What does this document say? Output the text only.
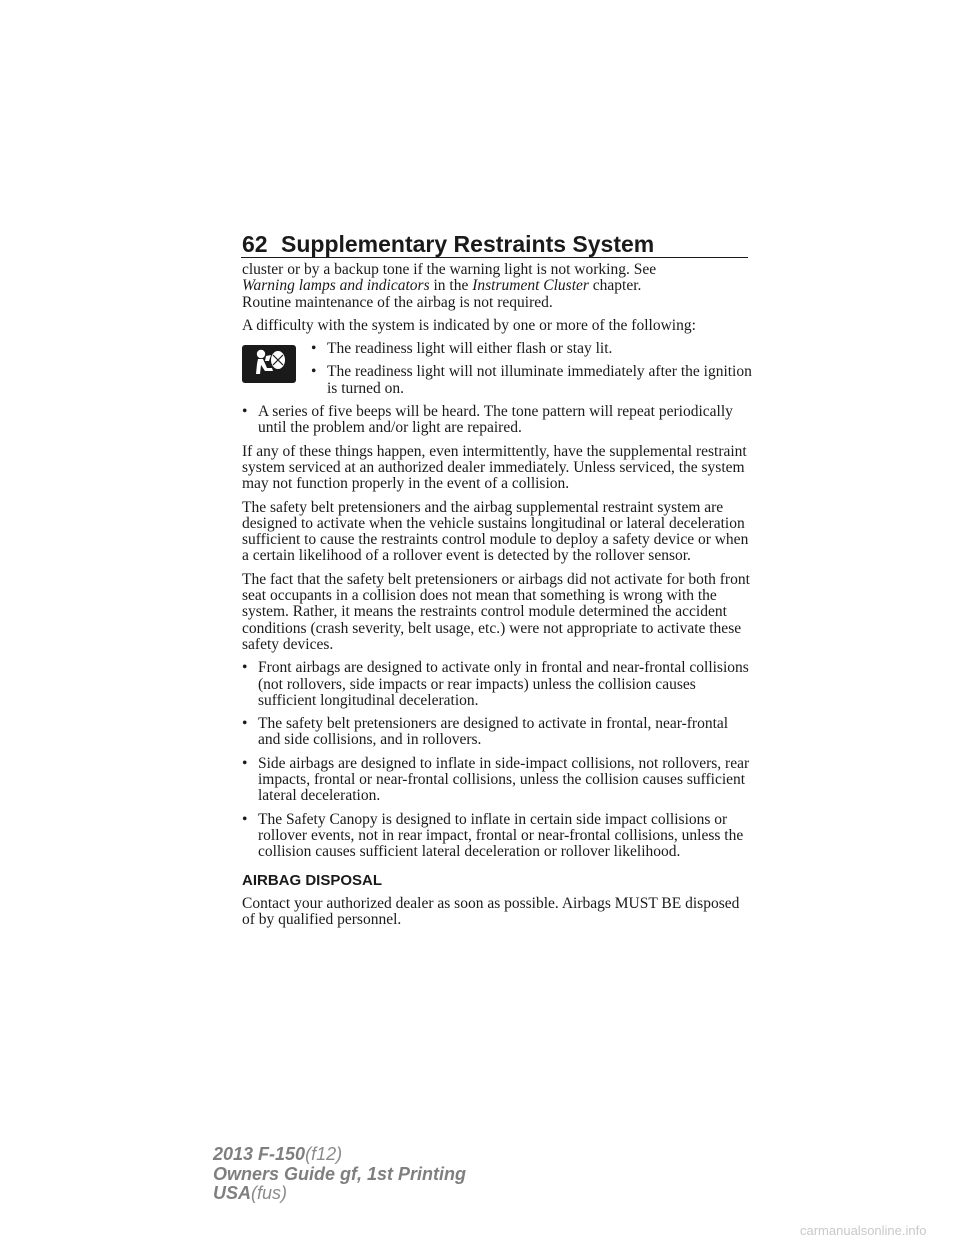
62 Supplementary Restraints System

cluster or by a backup tone if the warning light is not working. See
Warning lamps and indicators in the Instrument Cluster chapter.
Routine maintenance of the airbag is not required.

A difficulty with the system is indicated by one or more of the following:

• The readiness light will either flash or stay lit.
• The readiness light will not illuminate immediately after the ignition is turned on.
• A series of five beeps will be heard. The tone pattern will repeat periodically until the problem and/or light are repaired.

If any of these things happen, even intermittently, have the supplemental restraint system serviced at an authorized dealer immediately. Unless serviced, the system may not function properly in the event of a collision.

The safety belt pretensioners and the airbag supplemental restraint system are designed to activate when the vehicle sustains longitudinal or lateral deceleration sufficient to cause the restraints control module to deploy a safety device or when a certain likelihood of a rollover event is detected by the rollover sensor.

The fact that the safety belt pretensioners or airbags did not activate for both front seat occupants in a collision does not mean that something is wrong with the system. Rather, it means the restraints control module determined the accident conditions (crash severity, belt usage, etc.) were not appropriate to activate these safety devices.

• Front airbags are designed to activate only in frontal and near-frontal collisions (not rollovers, side impacts or rear impacts) unless the collision causes sufficient longitudinal deceleration.
• The safety belt pretensioners are designed to activate in frontal, near-frontal and side collisions, and in rollovers.
• Side airbags are designed to inflate in side-impact collisions, not rollovers, rear impacts, frontal or near-frontal collisions, unless the collision causes sufficient lateral deceleration.
• The Safety Canopy is designed to inflate in certain side impact collisions or rollover events, not in rear impact, frontal or near-frontal collisions, unless the collision causes sufficient lateral deceleration or rollover likelihood.
AIRBAG DISPOSAL

Contact your authorized dealer as soon as possible. Airbags MUST BE disposed of by qualified personnel.

2013 F-150(f12)
Owners Guide gf, 1st Printing
USA(fus)
carmanualsonline.info
